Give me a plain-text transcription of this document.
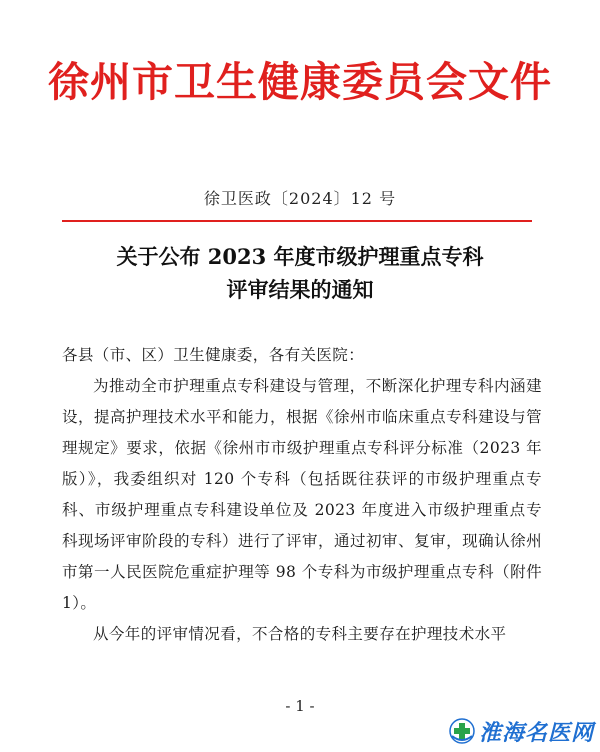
徐州市卫生健康委员会文件
徐卫医政〔2024〕12 号
关于公布 2023 年度市级护理重点专科
评审结果的通知

各县（市、区）卫生健康委，各有关医院：

为推动全市护理重点专科建设与管理，不断深化护理专科内涵建设，提高护理技术水平和能力，根据《徐州市临床重点专科建设与管理规定》要求，依据《徐州市市级护理重点专科评分标准（2023 年版）》，我委组织对 120 个专科（包括既往获评的市级护理重点专科、市级护理重点专科建设单位及 2023 年度进入市级护理重点专科现场评审阶段的专科）进行了评审，通过初审、复审，现确认徐州市第一人民医院危重症护理等 98 个专科为市级护理重点专科（附件 1）。

从今年的评审情况看，不合格的专科主要存在护理技术水平

- 1 -
淮海名医网
